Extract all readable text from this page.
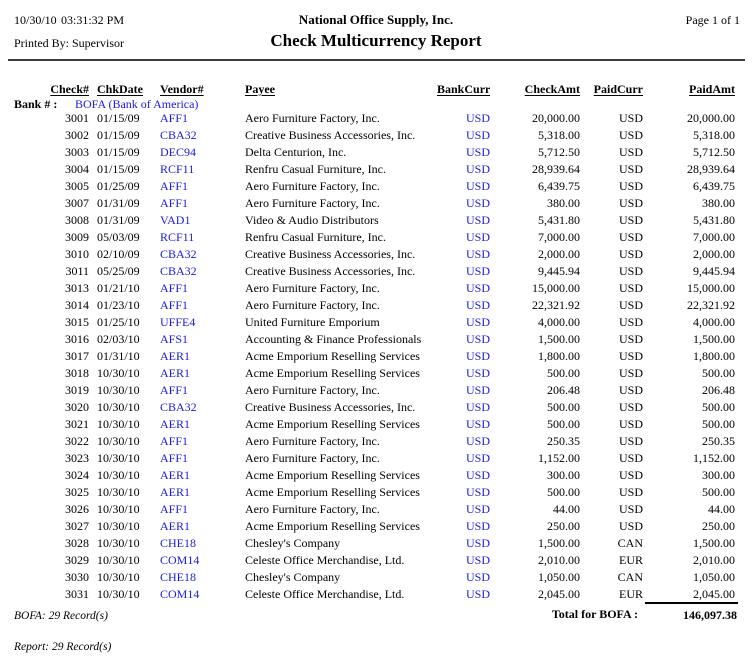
10/30/10 03:31:32 PM	National Office Supply, Inc.	Page 1 of 1
Printed By: Supervisor	Check Multicurrency Report
Check# ChkDate	Vendor#	Payee	BankCurr	CheckAmt	PaidCurr	PaidAmt
Bank # : BOFA (Bank of America)
3001 01/15/09	AFF1	Aero Furniture Factory, Inc.	USD	20,000.00	USD	20,000.00
3002 01/15/09	CBA32	Creative Business Accessories, Inc.	USD	5,318.00	USD	5,318.00
3003 01/15/09	DEC94	Delta Centurion, Inc.	USD	5,712.50	USD	5,712.50
3004 01/15/09	RCF11	Renfru Casual Furniture, Inc.	USD	28,939.64	USD	28,939.64
3005 01/25/09	AFF1	Aero Furniture Factory, Inc.	USD	6,439.75	USD	6,439.75
3007 01/31/09	AFF1	Aero Furniture Factory, Inc.	USD	380.00	USD	380.00
3008 01/31/09	VAD1	Video & Audio Distributors	USD	5,431.80	USD	5,431.80
3009 05/03/09	RCF11	Renfru Casual Furniture, Inc.	USD	7,000.00	USD	7,000.00
3010 02/10/09	CBA32	Creative Business Accessories, Inc.	USD	2,000.00	USD	2,000.00
3011 05/25/09	CBA32	Creative Business Accessories, Inc.	USD	9,445.94	USD	9,445.94
3013 01/21/10	AFF1	Aero Furniture Factory, Inc.	USD	15,000.00	USD	15,000.00
3014 01/23/10	AFF1	Aero Furniture Factory, Inc.	USD	22,321.92	USD	22,321.92
3015 01/25/10	UFFE4	United Furniture Emporium	USD	4,000.00	USD	4,000.00
3016 02/03/10	AFS1	Accounting & Finance Professionals	USD	1,500.00	USD	1,500.00
3017 01/31/10	AER1	Acme Emporium Reselling Services	USD	1,800.00	USD	1,800.00
3018 10/30/10	AER1	Acme Emporium Reselling Services	USD	500.00	USD	500.00
3019 10/30/10	AFF1	Aero Furniture Factory, Inc.	USD	206.48	USD	206.48
3020 10/30/10	CBA32	Creative Business Accessories, Inc.	USD	500.00	USD	500.00
3021 10/30/10	AER1	Acme Emporium Reselling Services	USD	500.00	USD	500.00
3022 10/30/10	AFF1	Aero Furniture Factory, Inc.	USD	250.35	USD	250.35
3023 10/30/10	AFF1	Aero Furniture Factory, Inc.	USD	1,152.00	USD	1,152.00
3024 10/30/10	AER1	Acme Emporium Reselling Services	USD	300.00	USD	300.00
3025 10/30/10	AER1	Acme Emporium Reselling Services	USD	500.00	USD	500.00
3026 10/30/10	AFF1	Aero Furniture Factory, Inc.	USD	44.00	USD	44.00
3027 10/30/10	AER1	Acme Emporium Reselling Services	USD	250.00	USD	250.00
3028 10/30/10	CHE18	Chesley's Company	USD	1,500.00	CAN	1,500.00
3029 10/30/10	COM14	Celeste Office Merchandise, Ltd.	USD	2,010.00	EUR	2,010.00
3030 10/30/10	CHE18	Chesley's Company	USD	1,050.00	CAN	1,050.00
3031 10/30/10	COM14	Celeste Office Merchandise, Ltd.	USD	2,045.00	EUR	2,045.00
Total for BOFA :	146,097.38
BOFA: 29 Record(s)
Report: 29 Record(s)
